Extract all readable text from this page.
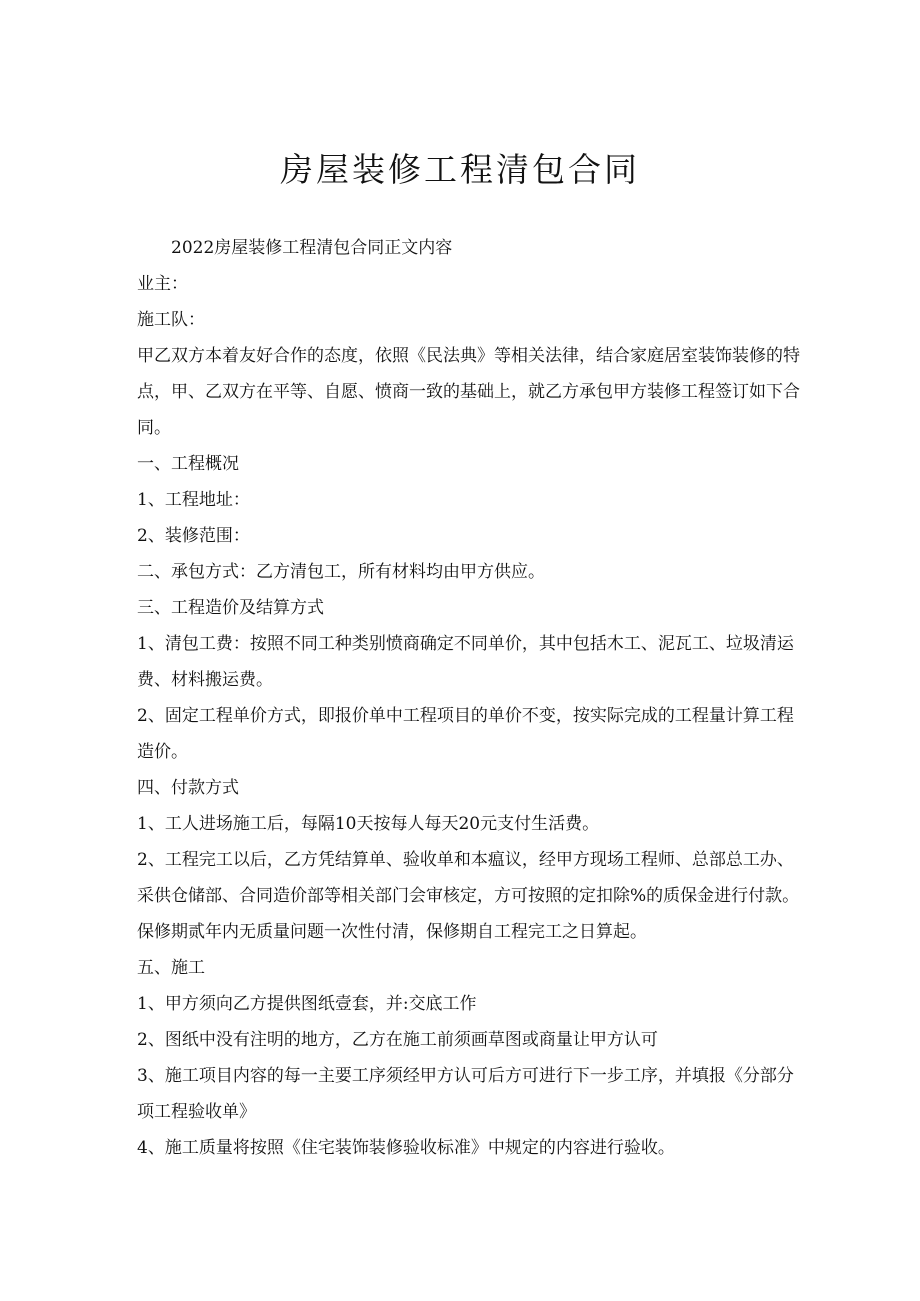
房屋装修工程清包合同

2022房屋装修工程清包合同正文内容

业主：

施工队：

甲乙双方本着友好合作的态度，依照《民法典》等相关法律，结合家庭居室装饰装修的特点，甲、乙双方在平等、自愿、愤商一致的基础上，就乙方承包甲方装修工程签订如下合同。

一、工程概况

1、工程地址：

2、装修范围：

二、承包方式：乙方清包工，所有材料均由甲方供应。

三、工程造价及结算方式

1、清包工费：按照不同工种类别愤商确定不同单价，其中包括木工、泥瓦工、垃圾清运费、材料搬运费。

2、固定工程单价方式，即报价单中工程项目的单价不变，按实际完成的工程量计算工程造价。

四、付款方式

1、工人进场施工后，每隔10天按每人每天20元支付生活费。

2、工程完工以后，乙方凭结算单、验收单和本瘟议，经甲方现场工程师、总部总工办、采供仓储部、合同造价部等相关部门会审核定，方可按照的定扣除%的质保金进行付款。保修期贰年内无质量问题一次性付清，保修期自工程完工之日算起。

五、施工

1、甲方须向乙方提供图纸壹套，并:交底工作

2、图纸中没有注明的地方，乙方在施工前须画草图或商量让甲方认可

3、施工项目内容的每一主要工序须经甲方认可后方可进行下一步工序，并填报《分部分项工程验收单》

4、施工质量将按照《住宅装饰装修验收标准》中规定的内容进行验收。
